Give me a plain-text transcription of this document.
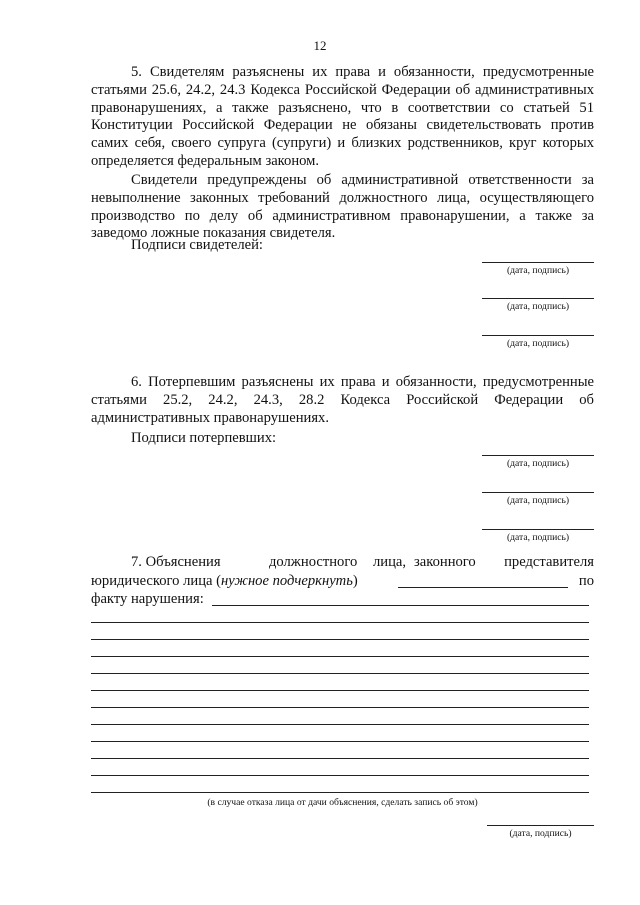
12
5. Свидетелям разъяснены их права и обязанности, предусмотренные статьями 25.6, 24.2, 24.3 Кодекса Российской Федерации об административных правонарушениях, а также разъяснено, что в соответствии со статьей 51 Конституции Российской Федерации не обязаны свидетельствовать против самих себя, своего супруга (супруги) и близких родственников, круг которых определяется федеральным законом.
Свидетели предупреждены об административной ответственности за невыполнение законных требований должностного лица, осуществляющего производство по делу об административном правонарушении, а также за заведомо ложные показания свидетеля.
Подписи свидетелей:
(дата, подпись)
(дата, подпись)
(дата, подпись)
6. Потерпевшим разъяснены их права и обязанности, предусмотренные статьями 25.2, 24.2, 24.3, 28.2 Кодекса Российской Федерации об административных правонарушениях.
Подписи потерпевших:
(дата, подпись)
(дата, подпись)
(дата, подпись)
7. Объяснения	должностного лица, законного представителя
юридического лица (нужное подчеркнуть)	по
факту нарушения:
(в случае отказа лица от дачи объяснения, сделать запись об этом)
(дата, подпись)
